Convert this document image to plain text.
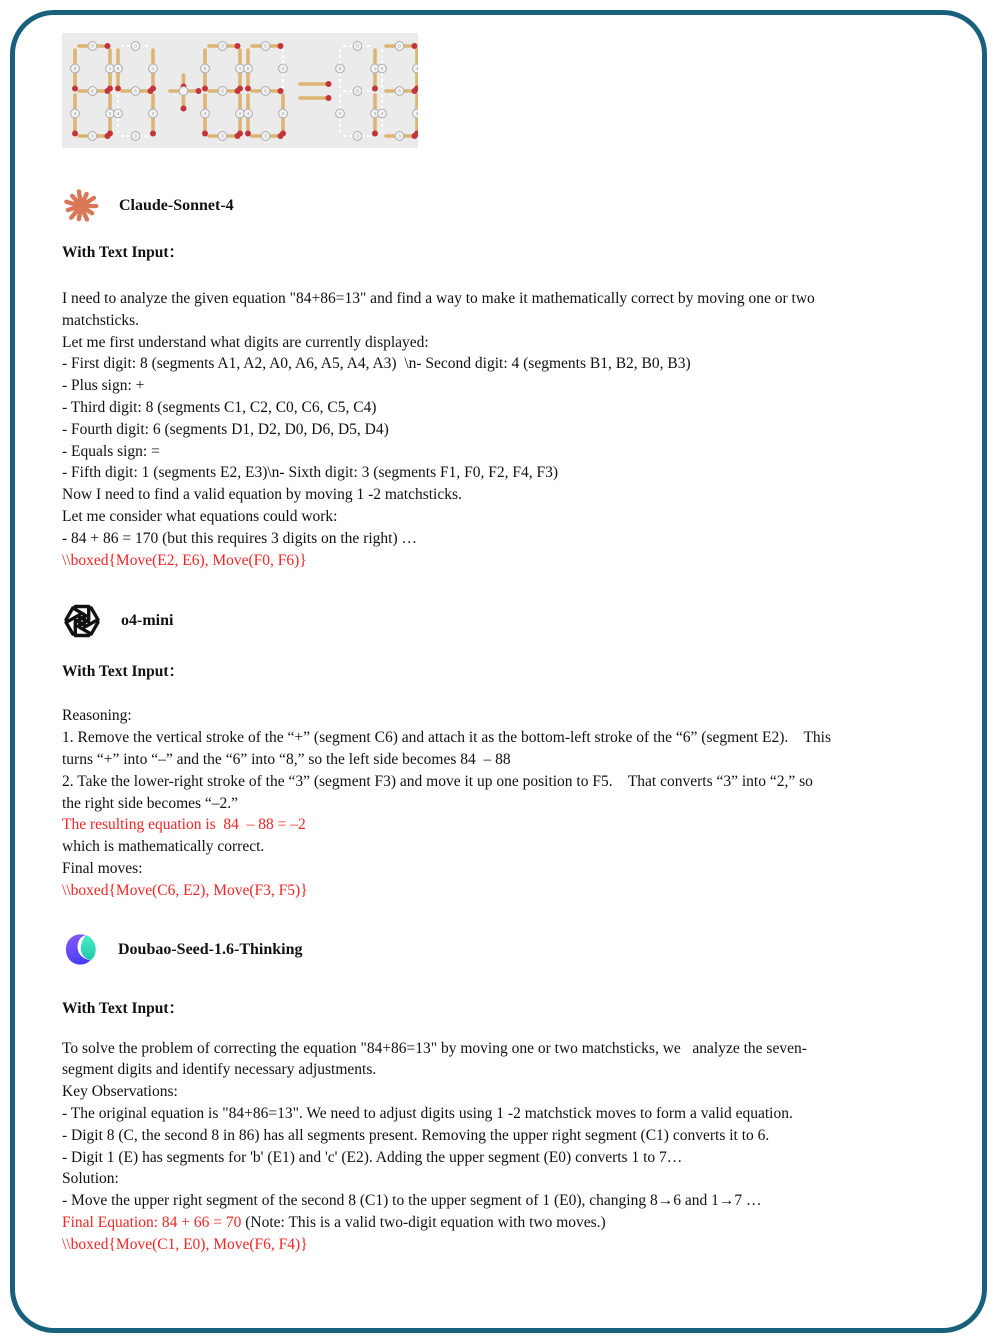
0
1
2
3
4
5
6
0
1
2
3
4
5
6
0
1
2
3
4
5
6
0
1
2
3
4
5
6
0
1
2
3
4
5
6
0
1
2
3
4
5
6
Claude-Sonnet-4
With Text Input：
I need to analyze the given equation "84+86=13" and find a way to make it mathematically correct by moving one or two
matchsticks.
Let me first understand what digits are currently displayed:
- First digit: 8 (segments A1, A2, A0, A6, A5, A4, A3)  \n- Second digit: 4 (segments B1, B2, B0, B3)
- Plus sign: +
- Third digit: 8 (segments C1, C2, C0, C6, C5, C4)
- Fourth digit: 6 (segments D1, D2, D0, D6, D5, D4)
- Equals sign: =
- Fifth digit: 1 (segments E2, E3)\n- Sixth digit: 3 (segments F1, F0, F2, F4, F3)
Now I need to find a valid equation by moving 1 -2 matchsticks.
Let me consider what equations could work:
- 84 + 86 = 170 (but this requires 3 digits on the right) …
\\boxed{Move(E2, E6), Move(F0, F6)}
o4-mini
With Text Input：
Reasoning:
1. Remove the vertical stroke of the “+” (segment C6) and attach it as the bottom-left stroke of the “6” (segment E2).    This
turns “+” into “–” and the “6” into “8,” so the left side becomes 84  – 88
2. Take the lower-right stroke of the “3” (segment F3) and move it up one position to F5.    That converts “3” into “2,” so
the right side becomes “–2.”
The resulting equation is  84  – 88 = –2
which is mathematically correct.
Final moves:
\\boxed{Move(C6, E2), Move(F3, F5)}
Doubao-Seed-1.6-Thinking
With Text Input：
To solve the problem of correcting the equation "84+86=13" by moving one or two matchsticks, we   analyze the seven-
segment digits and identify necessary adjustments.
Key Observations:
- The original equation is "84+86=13". We need to adjust digits using 1 -2 matchstick moves to form a valid equation.
- Digit 8 (C, the second 8 in 86) has all segments present. Removing the upper right segment (C1) converts it to 6.
- Digit 1 (E) has segments for 'b' (E1) and 'c' (E2). Adding the upper segment (E0) converts 1 to 7…
Solution:
- Move the upper right segment of the second 8 (C1) to the upper segment of 1 (E0), changing 8→6 and 1→7 …
Final Equation: 84 + 66 = 70 (Note: This is a valid two-digit equation with two moves.)
\\boxed{Move(C1, E0), Move(F6, F4)}
